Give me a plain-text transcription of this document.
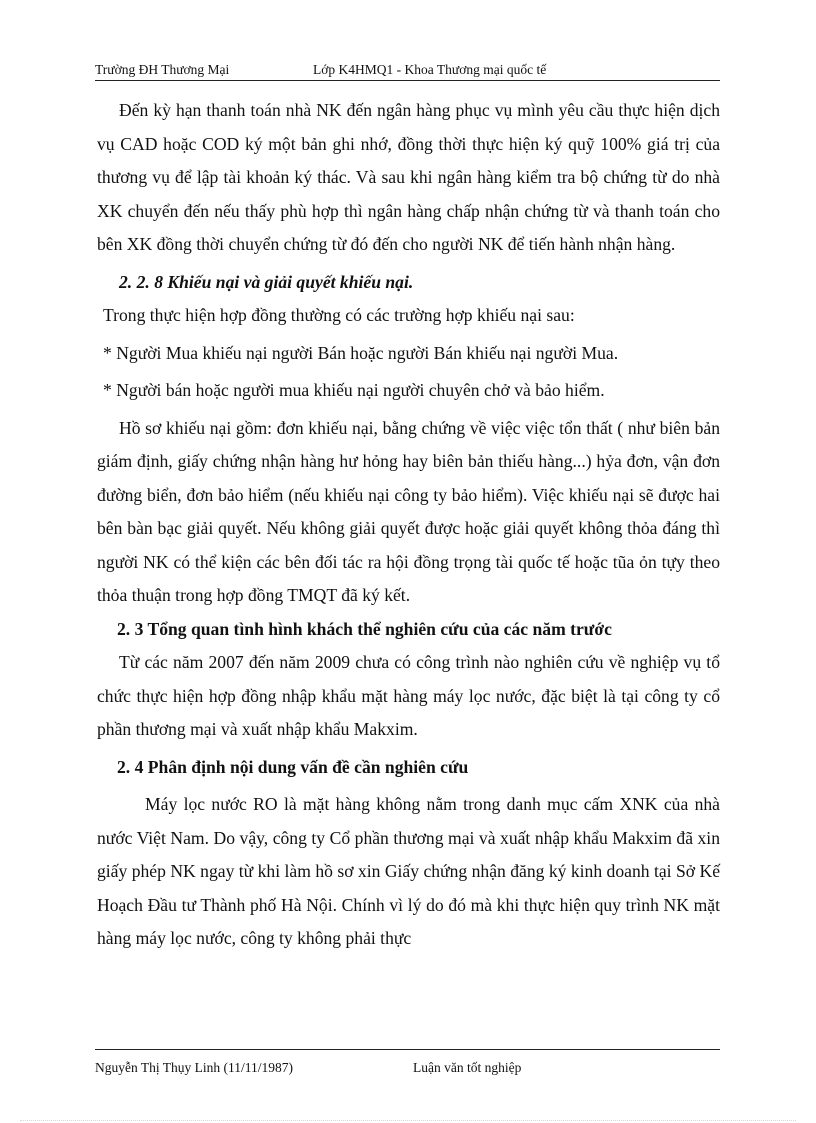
Trường ĐH Thương Mại	Lớp K4HMQ1 - Khoa Thương mại quốc tế

Đến kỳ hạn thanh toán nhà NK đến ngân hàng phục vụ mình yêu cầu thực hiện dịch vụ CAD hoặc COD ký một bản ghi nhớ, đồng thời thực hiện ký quỹ 100% giá trị của thương vụ để lập tài khoản ký thác. Và sau khi ngân hàng kiểm tra bộ chứng từ do nhà XK chuyển đến nếu thấy phù hợp thì ngân hàng chấp nhận chứng từ và thanh toán cho bên XK đồng thời chuyển chứng từ đó đến cho người NK để tiến hành nhận hàng.

2. 2. 8 Khiếu nại và giải quyết khiếu nại.

Trong thực hiện hợp đồng thường có các trường hợp khiếu nại sau:

* Người Mua khiếu nại người Bán hoặc người Bán khiếu nại người Mua.

* Người bán hoặc người mua khiếu nại người chuyên chở và bảo hiểm.

Hồ sơ khiếu nại gồm: đơn khiếu nại, bằng chứng về việc việc tổn thất ( như biên bản giám định, giấy chứng nhận hàng hư hỏng hay biên bản thiếu hàng...) hỷa đơn, vận đơn đường biển, đơn bảo hiểm (nếu khiếu nại công ty bảo hiểm). Việc khiếu nại sẽ được hai bên bàn bạc giải quyết. Nếu không giải quyết được hoặc giải quyết không thỏa đáng thì người NK có thể kiện các bên đối tác ra hội đồng trọng tài quốc tế hoặc tũa ỏn tựy theo thỏa thuận trong hợp đồng TMQT đã ký kết.

2. 3 Tổng quan tình hình khách thể nghiên cứu của các năm trước

Từ các năm 2007 đến năm 2009 chưa có công trình nào nghiên cứu về nghiệp vụ tổ chức thực hiện hợp đồng nhập khẩu mặt hàng máy lọc nước, đặc biệt là tại công ty cổ phần thương mại và xuất nhập khẩu Makxim.

2. 4 Phân định nội dung vấn đề cần nghiên cứu

Máy lọc nước RO là mặt hàng không nằm trong danh mục cấm XNK của nhà nước Việt Nam. Do vậy, công ty Cổ phần thương mại và xuất nhập khẩu Makxim đã xin giấy phép NK ngay từ khi làm hồ sơ xin Giấy chứng nhận đăng ký kinh doanh tại Sở Kế Hoạch Đầu tư Thành phố Hà Nội. Chính vì lý do đó mà khi thực hiện quy trình NK mặt hàng máy lọc nước, công ty không phải thực

Nguyễn Thị Thụy Linh (11/11/1987)	Luận văn tốt nghiệp
